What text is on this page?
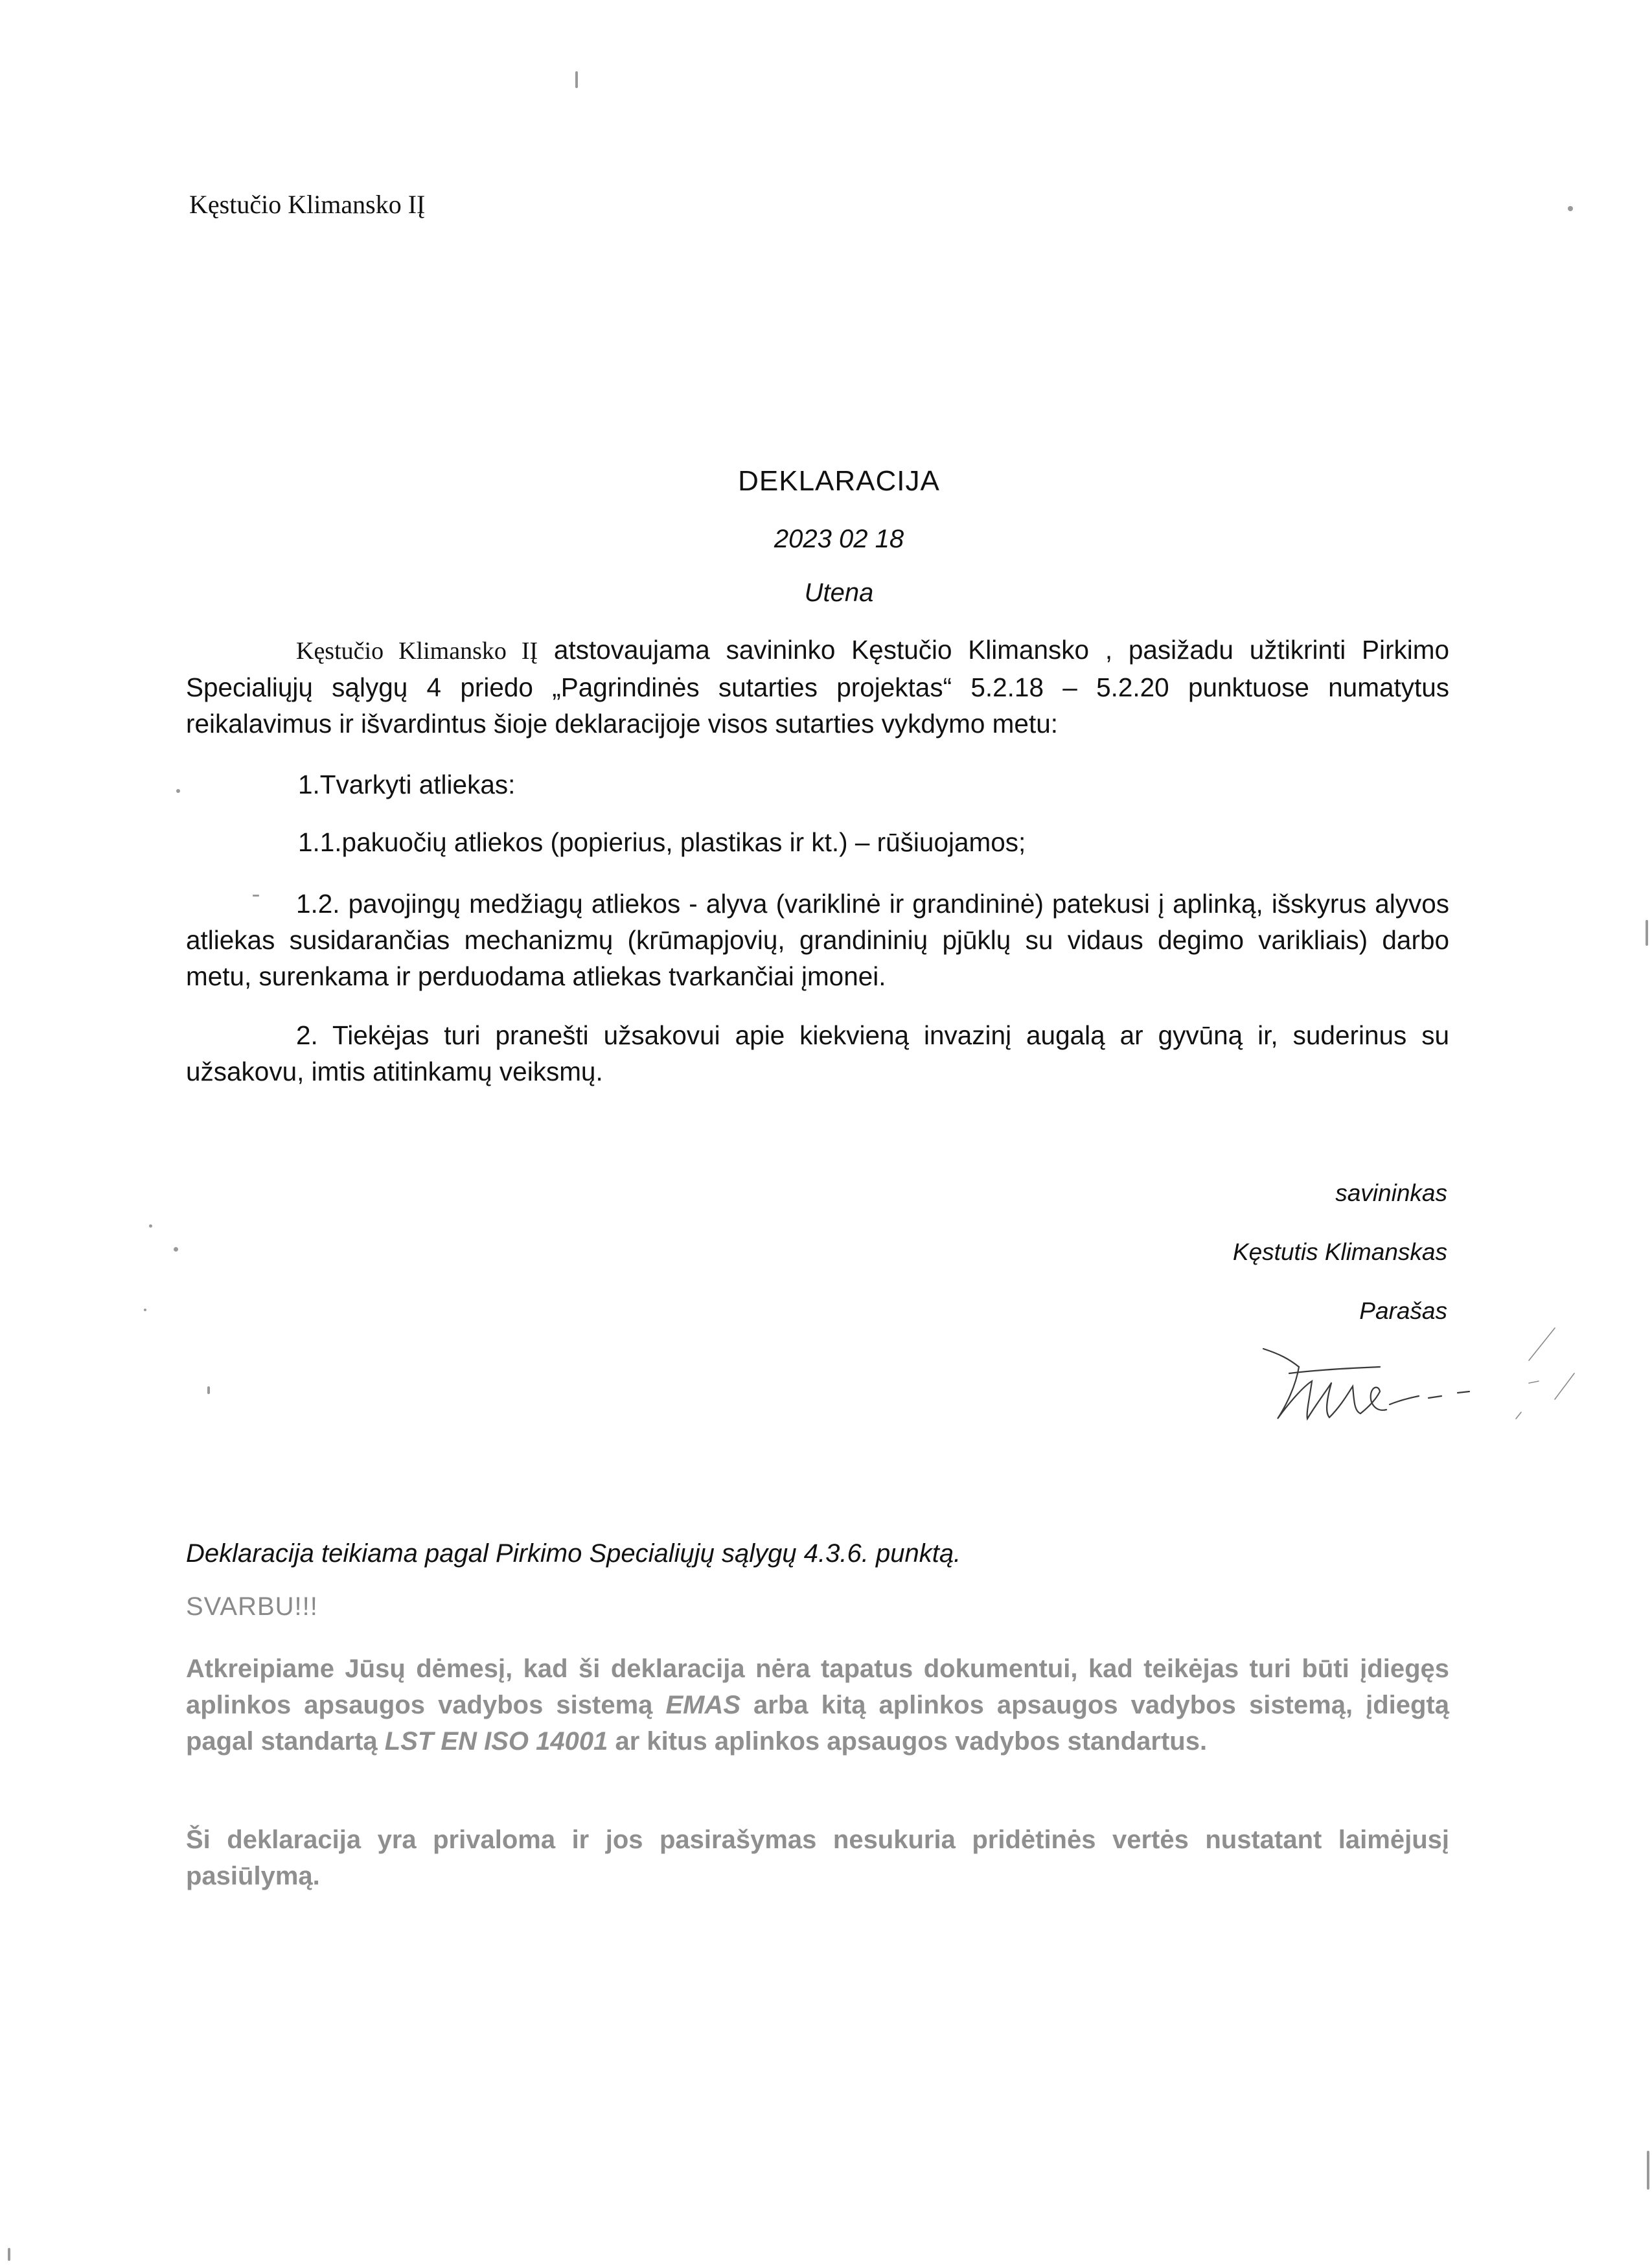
Kęstučio Klimansko IĮ

DEKLARACIJA

2023 02 18

Utena

Kęstučio Klimansko IĮ atstovaujama savininko Kęstučio Klimansko , pasižadu užtikrinti Pirkimo Specialiųjų sąlygų 4 priedo „Pagrindinės sutarties projektas“ 5.2.18 – 5.2.20 punktuose numatytus reikalavimus ir išvardintus šioje deklaracijoje visos sutarties vykdymo metu:

1.Tvarkyti atliekas:

1.1.pakuočių atliekos (popierius, plastikas ir kt.) – rūšiuojamos;

1.2. pavojingų medžiagų atliekos - alyva (variklinė ir grandininė) patekusi į aplinką, išskyrus alyvos atliekas susidarančias mechanizmų (krūmapjovių, grandininių pjūklų su vidaus degimo varikliais) darbo metu, surenkama ir perduodama atliekas tvarkančiai įmonei.

2. Tiekėjas turi pranešti užsakovui apie kiekvieną invazinį augalą ar gyvūną ir, suderinus su užsakovu, imtis atitinkamų veiksmų.

savininkas

Kęstutis Klimanskas

Parašas

Deklaracija teikiama pagal Pirkimo Specialiųjų sąlygų 4.3.6. punktą.

SVARBU!!!

Atkreipiame Jūsų dėmesį, kad ši deklaracija nėra tapatus dokumentui, kad teikėjas turi būti įdiegęs aplinkos apsaugos vadybos sistemą EMAS arba kitą aplinkos apsaugos vadybos sistemą, įdiegtą pagal standartą LST EN ISO 14001 ar kitus aplinkos apsaugos vadybos standartus.

Ši deklaracija yra privaloma ir jos pasirašymas nesukuria pridėtinės vertės nustatant laimėjusį pasiūlymą.
